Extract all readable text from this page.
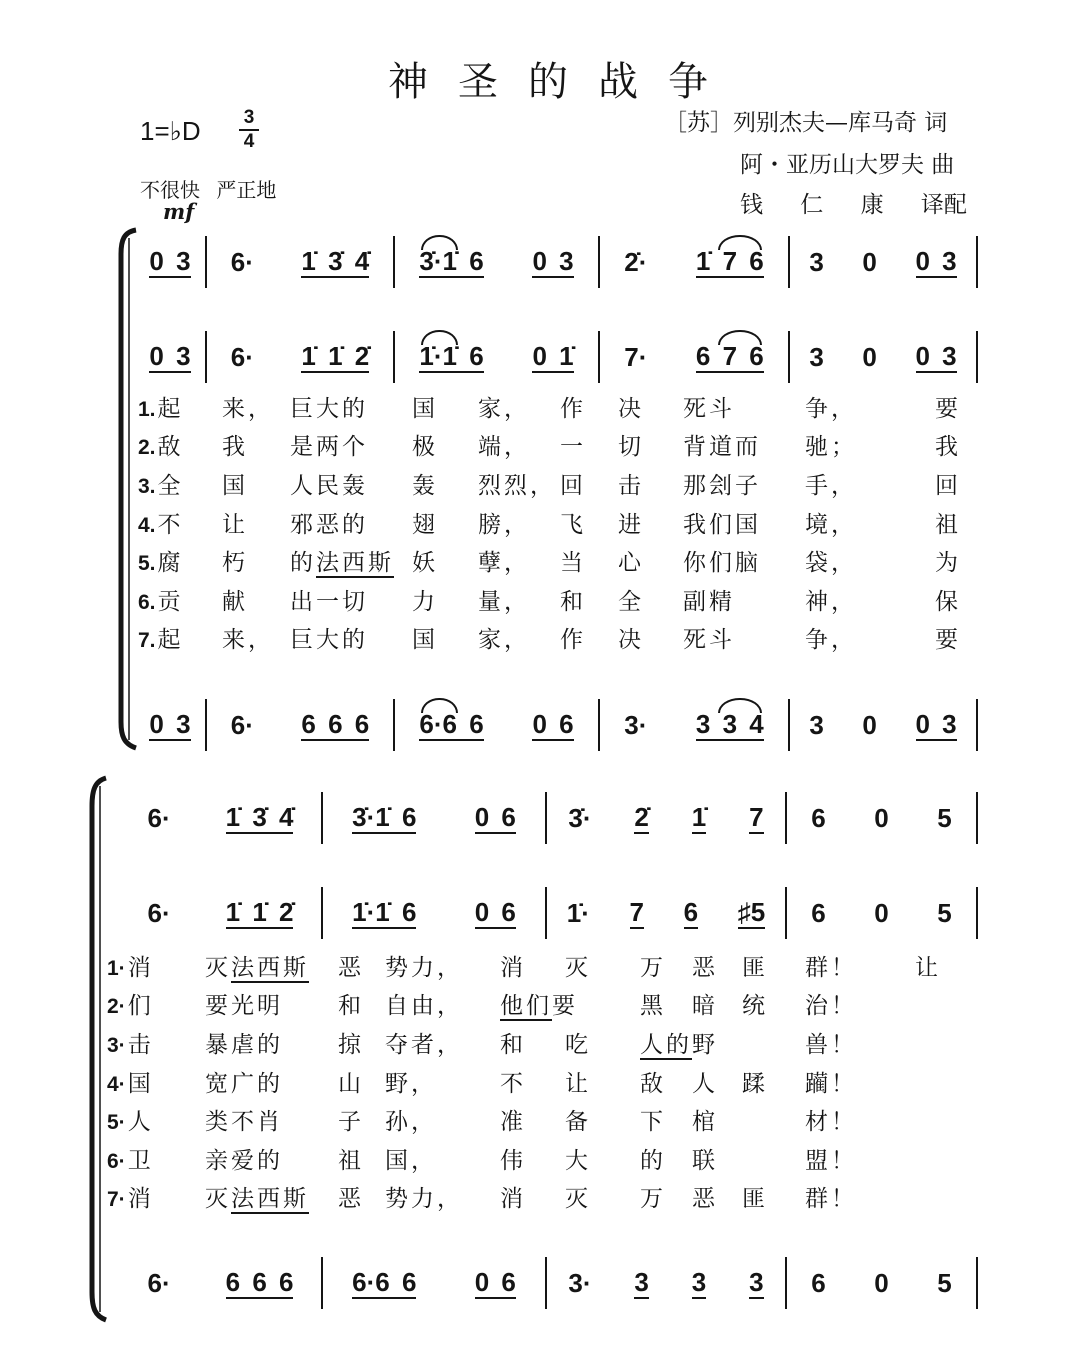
神圣的战争
1=♭D $\frac{3}{4}$
不很快 严正地
mf
［苏］列别杰夫—库马奇 词
阿・亚历山大罗夫 曲
钱 仁 康 译配
0 3 6· 1̇ 3̇ 4̇ 3̇·1̇ 6 0 3 2̇· 1̇ 7 6 3 0 0 3
0 3 6· 1̇ 1̇ 2̇ 1̇·1̇ 6 0 1̇ 7· 6 7 6 3 0 0 3
0 3 6· 6 6 6 6·6 6 0 6 3· 3 3 4 3 0 0 3
1.起	来， 巨大的	国	家，	作	决	死斗	争，	要
2.敌	我	是两个	极	端，	一	切	背道而	驰；	我
3.全	国	人民轰	轰	烈烈， 回	击	那刽子	手，	回
4.不	让	邪恶的	翅	膀，	飞	进	我们国	境，	祖
5.腐	朽	的法西斯 妖	孽，	当	心	你们脑	袋，	为
6.贡	献	出一切	力	量，	和	全	副精	神，	保
7.起	来， 巨大的	国	家，	作	决	死斗	争，	要
6· 1̇ 3̇ 4̇ 3̇·1̇ 6 0 6 3̇· 2̇ 1̇ 7 6 0 5
6· 1̇ 1̇ 2̇ 1̇·1̇ 6 0 6 1̇· 7 6 ♯5 6 0 5
6· 6 6 6 6·6 6 0 6 3· 3 3 3 6 0 5
1·消	灭法西斯	恶 势力，	消	灭	万	恶	匪	群！	让
2·们	要光明	和 自由，	他们要	黑	暗	统	治！
3·击	暴虐的	掠 夺者，	和	吃	人的野	兽！
4·国	宽广的	山 野，	不	让	敌	人	蹂	躏！
5·人	类不肖	子 孙，	准	备	下	棺	材！
6·卫	亲爱的	祖 国，	伟	大	的	联	盟！
7·消	灭法西斯	恶 势力，	消	灭	万	恶	匪	群！
